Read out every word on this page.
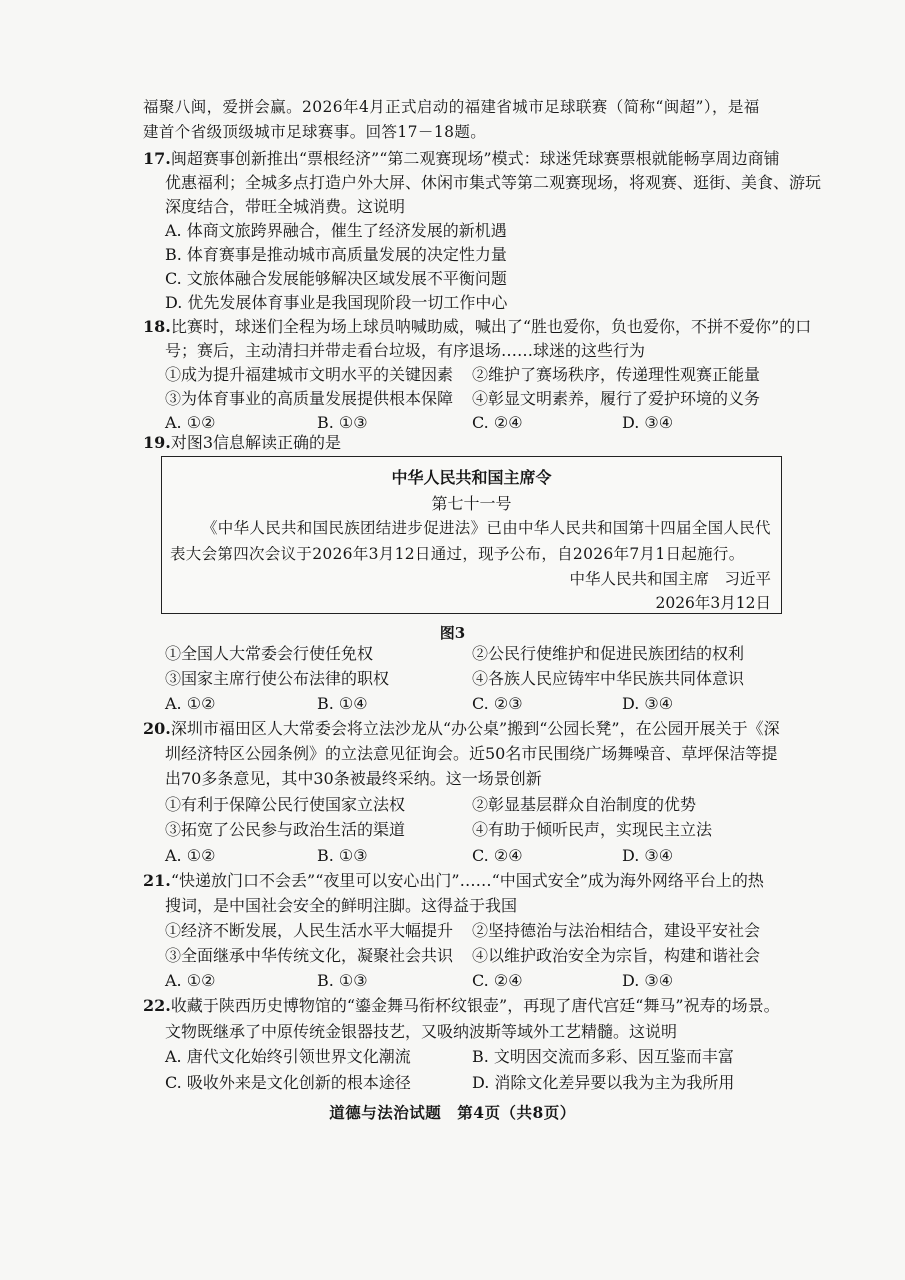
福聚八闽，爱拼会赢。2026年4月正式启动的福建省城市足球联赛（简称“闽超”），是福
建首个省级顶级城市足球赛事。回答17－18题。
17.闽超赛事创新推出“票根经济”“第二观赛现场”模式：球迷凭球赛票根就能畅享周边商铺
优惠福利；全城多点打造户外大屏、休闲市集式等第二观赛现场，将观赛、逛街、美食、游玩
深度结合，带旺全城消费。这说明
A. 体商文旅跨界融合，催生了经济发展的新机遇
B. 体育赛事是推动城市高质量发展的决定性力量
C. 文旅体融合发展能够解决区域发展不平衡问题
D. 优先发展体育事业是我国现阶段一切工作中心
18.比赛时，球迷们全程为场上球员呐喊助威，喊出了“胜也爱你，负也爱你，不拼不爱你”的口
号；赛后，主动清扫并带走看台垃圾，有序退场……球迷的这些行为
①成为提升福建城市文明水平的关键因素 ②维护了赛场秩序，传递理性观赛正能量
③为体育事业的高质量发展提供根本保障 ④彰显文明素养，履行了爱护环境的义务
A. ①②	B. ①③	C. ②④	D. ③④
19.对图3信息解读正确的是
中华人民共和国主席令
第七十一号
《中华人民共和国民族团结进步促进法》已由中华人民共和国第十四届全国人民代表大会第四次会议于2026年3月12日通过，现予公布，自2026年7月1日起施行。
中华人民共和国主席　习近平
2026年3月12日
图3
①全国人大常委会行使任免权	②公民行使维护和促进民族团结的权利
③国家主席行使公布法律的职权	④各族人民应铸牢中华民族共同体意识
A. ①②	B. ①④	C. ②③	D. ③④
20.深圳市福田区人大常委会将立法沙龙从“办公桌”搬到“公园长凳”，在公园开展关于《深
圳经济特区公园条例》的立法意见征询会。近50名市民围绕广场舞噪音、草坪保洁等提
出70多条意见，其中30条被最终采纳。这一场景创新
①有利于保障公民行使国家立法权	②彰显基层群众自治制度的优势
③拓宽了公民参与政治生活的渠道	④有助于倾听民声，实现民主立法
A. ①②	B. ①③	C. ②④	D. ③④
21.“快递放门口不会丢”“夜里可以安心出门”……“中国式安全”成为海外网络平台上的热
搜词，是中国社会安全的鲜明注脚。这得益于我国
①经济不断发展，人民生活水平大幅提升 ②坚持德治与法治相结合，建设平安社会
③全面继承中华传统文化，凝聚社会共识 ④以维护政治安全为宗旨，构建和谐社会
A. ①②	B. ①③	C. ②④	D. ③④
22.收藏于陕西历史博物馆的“鎏金舞马衔杯纹银壶”，再现了唐代宫廷“舞马”祝寿的场景。
文物既继承了中原传统金银器技艺，又吸纳波斯等域外工艺精髓。这说明
A. 唐代文化始终引领世界文化潮流	B. 文明因交流而多彩、因互鉴而丰富
C. 吸收外来是文化创新的根本途径	D. 消除文化差异要以我为主为我所用
道德与法治试题　第4页（共8页）
